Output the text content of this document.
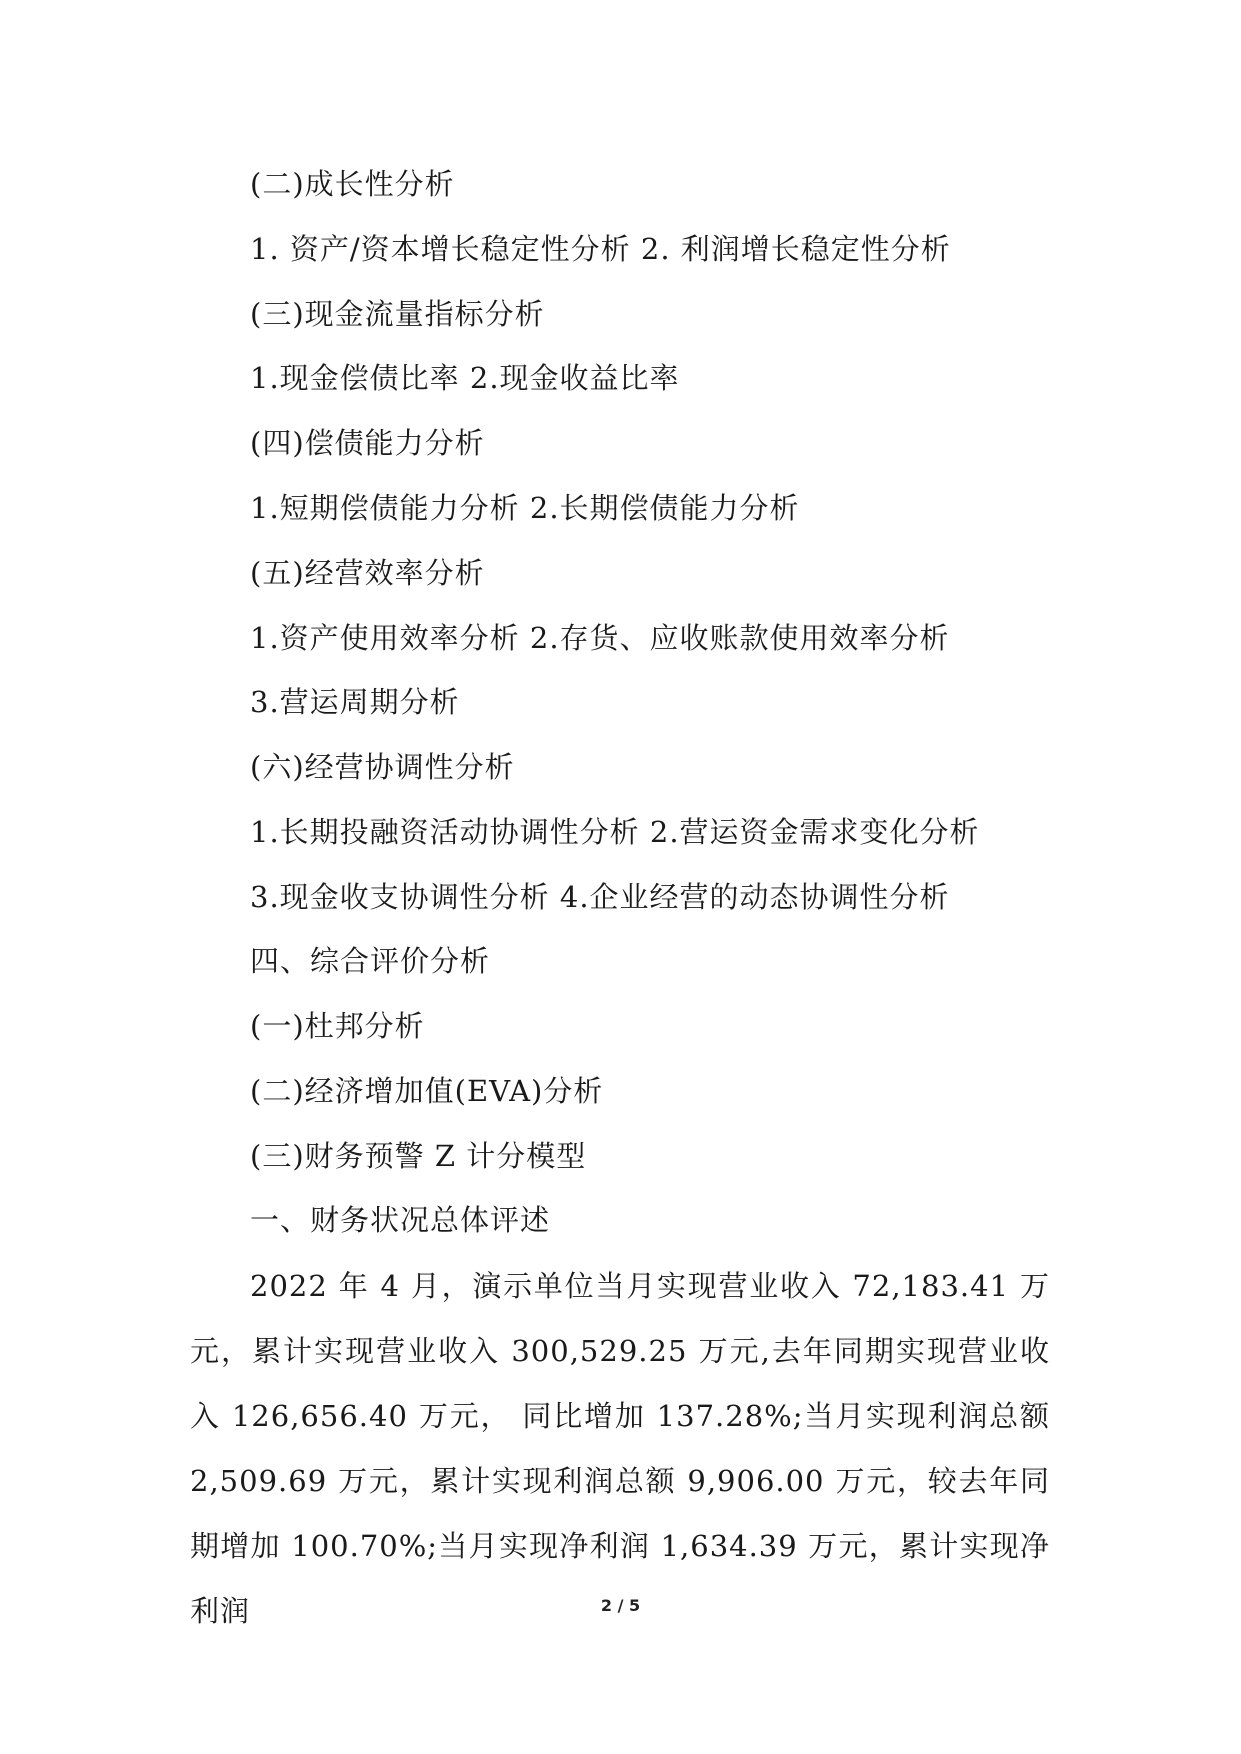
(二)成长性分析
1. 资产/资本增长稳定性分析 2. 利润增长稳定性分析
(三)现金流量指标分析
1.现金偿债比率 2.现金收益比率
(四)偿债能力分析
1.短期偿债能力分析 2.长期偿债能力分析
(五)经营效率分析
1.资产使用效率分析 2.存货、应收账款使用效率分析
3.营运周期分析
(六)经营协调性分析
1.长期投融资活动协调性分析 2.营运资金需求变化分析
3.现金收支协调性分析 4.企业经营的动态协调性分析
四、综合评价分析
(一)杜邦分析
(二)经济增加值(EVA)分析
(三)财务预警 Z 计分模型
一、财务状况总体评述
2022 年 4 月，演示单位当月实现营业收入 72,183.41 万元，累计实现营业收入 300,529.25 万元,去年同期实现营业收入 126,656.40 万元， 同比增加 137.28%;当月实现利润总额 2,509.69 万元，累计实现利润总额 9,906.00 万元，较去年同期增加 100.70%;当月实现净利润 1,634.39 万元，累计实现净利润	2 / 5
